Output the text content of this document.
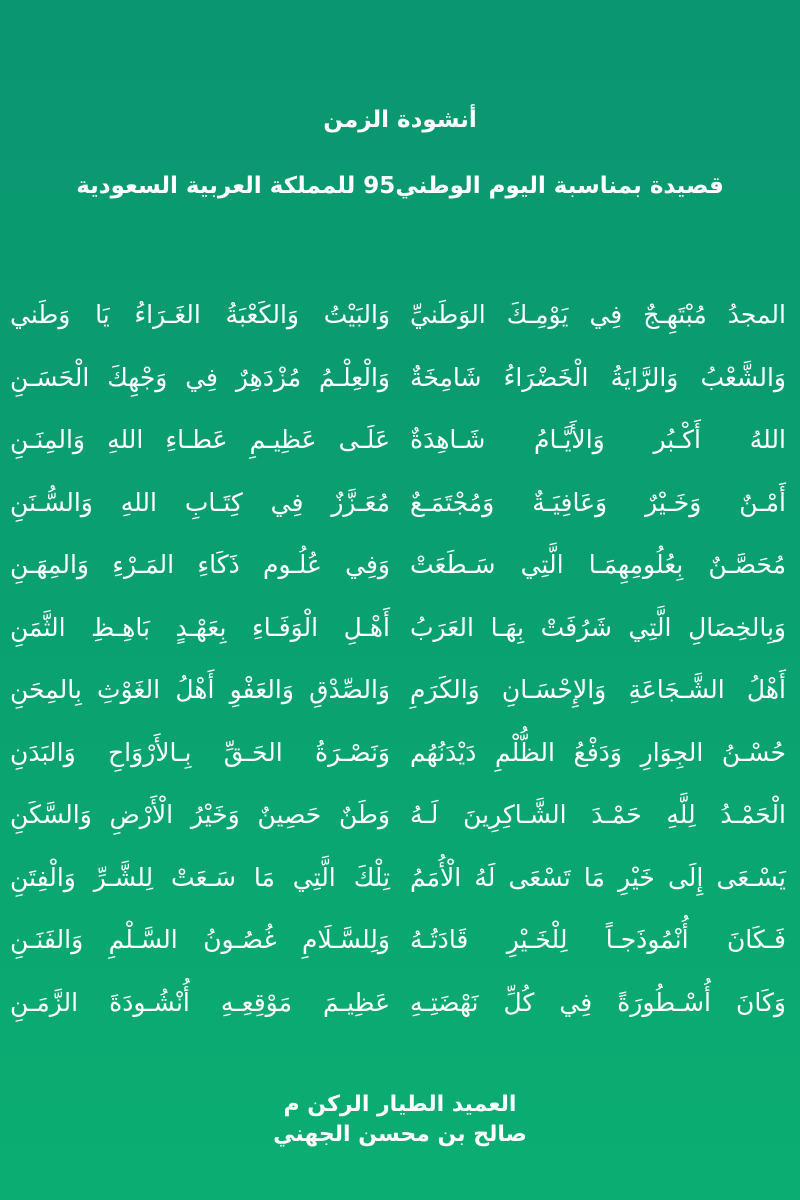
أنشودة الزمن
قصيدة بمناسبة اليوم الوطني95 للمملكة العربية السعودية
المجدُ مُبْتَهِـجٌ فِي يَوْمِـكَ الوَطَنيِّ
وَالبَيْتُ وَالكَعْبَةُ الغَـرَاءُ يَا وَطَني
وَالشَّعْبُ وَالرَّايَةُ الْخَضْرَاءُ شَامِخَةٌ
وَالْعِلْـمُ مُزْدَهِرٌ فِي وَجْهِكَ الْحَسَـنِ
اللهُ أَكْـبُر وَالأَيَّـامُ شَـاهِدَةٌ
عَلَـى عَظِيـمِ عَطـاءِ اللهِ وَالمِنَـنِ
أَمْـنٌ وَخَـيْرٌ وَعَافِيَـةٌ وَمُجْتَمَـعٌ
مُعَـزَّزٌ فِي كِتَـابِ اللهِ وَالسُّـنَنِ
مُحَصَّـنٌ بِعُلُومِهِمَـا الَّتِي سَـطَعَتْ
وَفِي عُلُـوم ذَكَاءِ المَـرْءِ وَالمِهَـنِ
وَبِالخِصَالِ الَّتِي شَرُفَتْ بِهَـا العَرَبُ
أَهْـلِ الْوَفَـاءِ بِعَهْـدٍ بَاهِـظِ الثَّمَنِ
أَهْلُ الشَّـجَاعَةِ وَالإِحْسَـانِ وَالكَرَمِ
وَالصِّدْقِ وَالعَفْوِ أَهْلُ الغَوْثِ بِالمِحَنِ
حُسْـنُ الجِوَارِ وَدَفْعُ الظُّلْمِ دَيْدَنُهُم
وَنَصْـرَةُ الحَـقِّ بِـالأَرْوَاحِ وَالبَدَنِ
الْحَمْـدُ لِلَّهِ حَمْـدَ الشَّـاكِرِينَ لَـهُ
وَطَنٌ حَصِينٌ وَخَيْرُ الْأَرْضِ وَالسَّكَنِ
يَسْـعَى إِلَى خَيْرِ مَا تَسْعَى لَهُ الْأُمَمُ
تِلْكَ الَّتِي مَا سَـعَتْ لِلشَّـرِّ وَالْفِتَنِ
فَـكَانَ أُنْمُوذَجـاً لِلْخَـيْرِ قَادَتُـهُ
وَلِلسَّـلَامِ غُصُـونُ السَّـلْمِ وَالفَنَـنِ
وَكَانَ أُسْـطُورَةً فِي كُلِّ نَهْضَتِـهِ
عَظِيـمَ مَوْقِعِـهِ أُنْشُـودَةَ الزَّمَـنِ
العميد الطيار الركن م
صالح بن محسن الجهني
